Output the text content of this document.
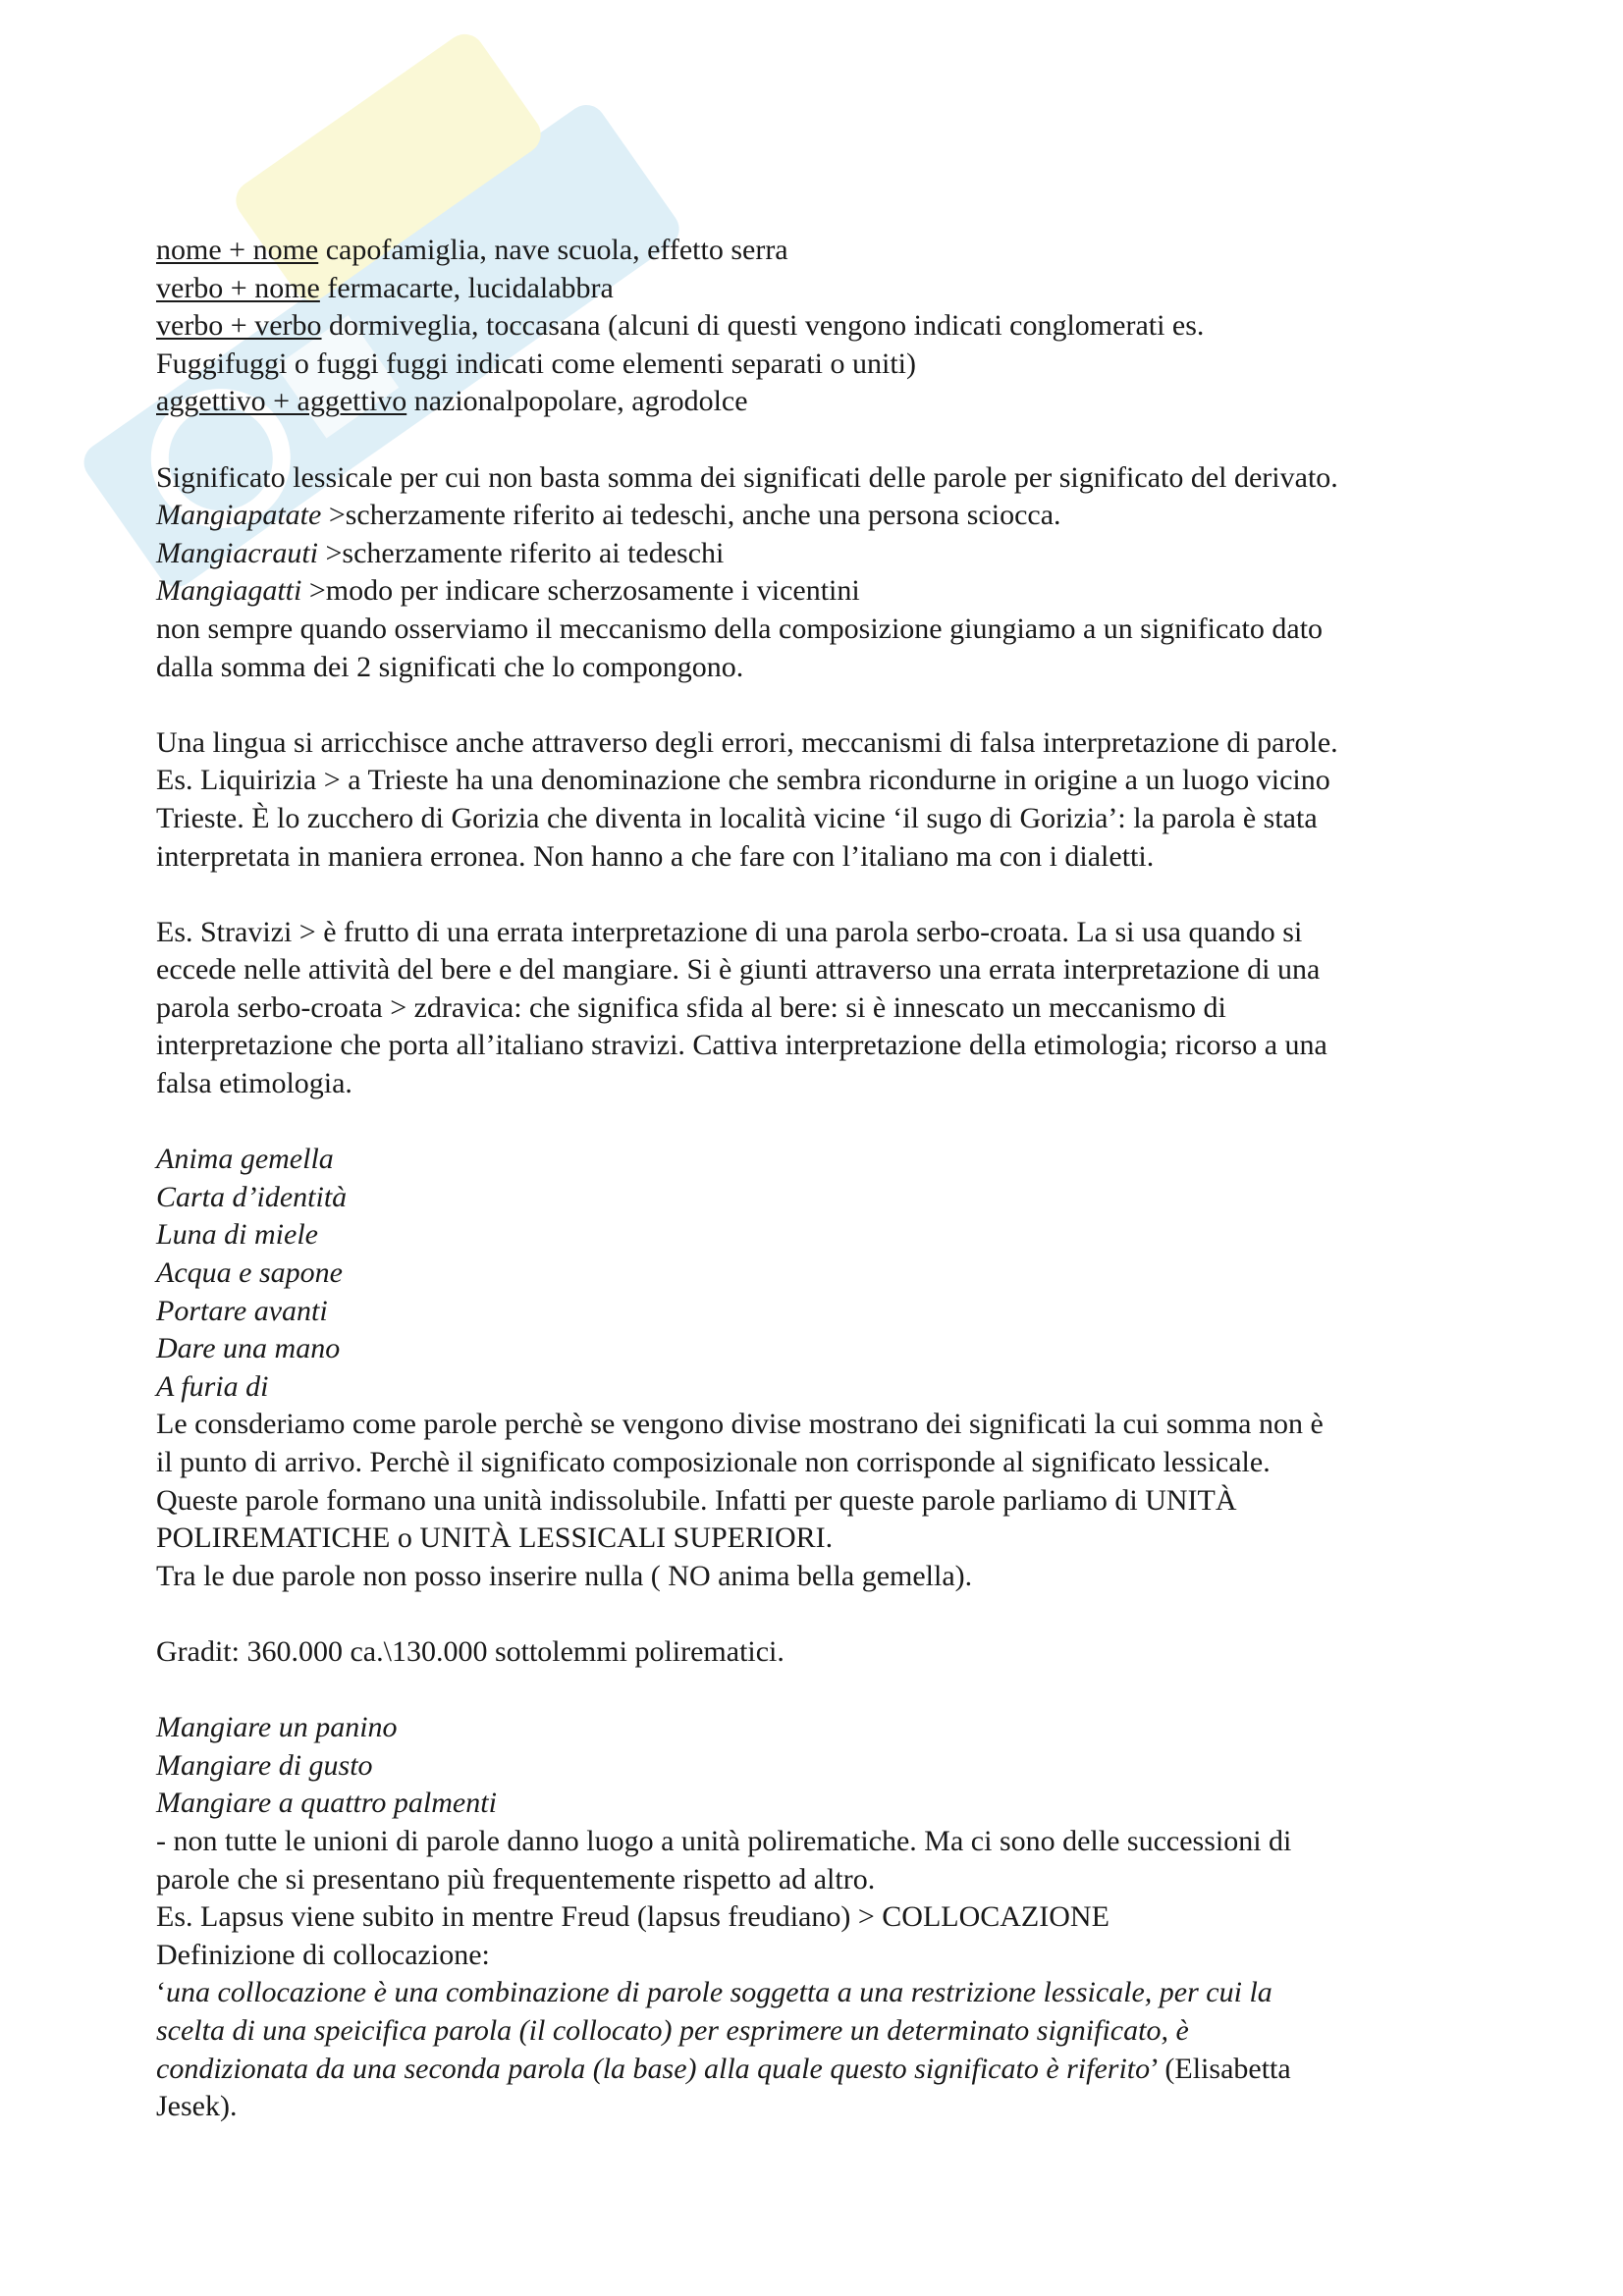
nome + nome capofamiglia, nave scuola, effetto serra
verbo + nome fermacarte, lucidalabbra
verbo + verbo dormiveglia, toccasana (alcuni di questi vengono indicati conglomerati es.
Fuggifuggi o fuggi fuggi indicati come elementi separati o uniti)
aggettivo + aggettivo nazionalpopolare, agrodolce
Significato lessicale per cui non basta somma dei significati delle parole per significato del derivato.
Mangiapatate >scherzamente riferito ai tedeschi, anche una persona sciocca.
Mangiacrauti >scherzamente riferito ai tedeschi
Mangiagatti >modo per indicare scherzosamente i vicentini
non sempre quando osserviamo il meccanismo della composizione giungiamo a un significato dato
dalla somma dei 2 significati che lo compongono.
Una lingua si arricchisce anche attraverso degli errori, meccanismi di falsa interpretazione di parole.
Es. Liquirizia > a Trieste ha una denominazione che sembra ricondurne in origine a un luogo vicino
Trieste. È lo zucchero di Gorizia che diventa in località vicine ‘il sugo di Gorizia’: la parola è stata
interpretata in maniera erronea. Non hanno a che fare con l’italiano ma con i dialetti.
Es. Stravizi > è frutto di una errata interpretazione di una parola serbo-croata. La si usa quando si
eccede nelle attività del bere e del mangiare. Si è giunti attraverso una errata interpretazione di una
parola serbo-croata > zdravica: che significa sfida al bere: si è innescato un meccanismo di
interpretazione che porta all’italiano stravizi. Cattiva interpretazione della etimologia; ricorso a una
falsa etimologia.
Anima gemella
Carta d’identità
Luna di miele
Acqua e sapone
Portare avanti
Dare una mano
A furia di
Le consderiamo come parole perchè se vengono divise mostrano dei significati la cui somma non è
il punto di arrivo. Perchè il significato composizionale non corrisponde al significato lessicale.
Queste parole formano una unità indissolubile. Infatti per queste parole parliamo di UNITÀ
POLIREMATICHE o UNITÀ LESSICALI SUPERIORI.
Tra le due parole non posso inserire nulla ( NO anima bella gemella).
Gradit: 360.000 ca.\130.000 sottolemmi polirematici.
Mangiare un panino
Mangiare di gusto
Mangiare a quattro palmenti
- non tutte le unioni di parole danno luogo a unità polirematiche. Ma ci sono delle successioni di
parole che si presentano più frequentemente rispetto ad altro.
Es. Lapsus viene subito in mentre Freud (lapsus freudiano) > COLLOCAZIONE
Definizione di collocazione:
‘una collocazione è una combinazione di parole soggetta a una restrizione lessicale, per cui la
scelta di una speicifica parola (il collocato) per esprimere un determinato significato, è
condizionata da una seconda parola (la base) alla quale questo significato è riferito’ (Elisabetta
Jesek).
